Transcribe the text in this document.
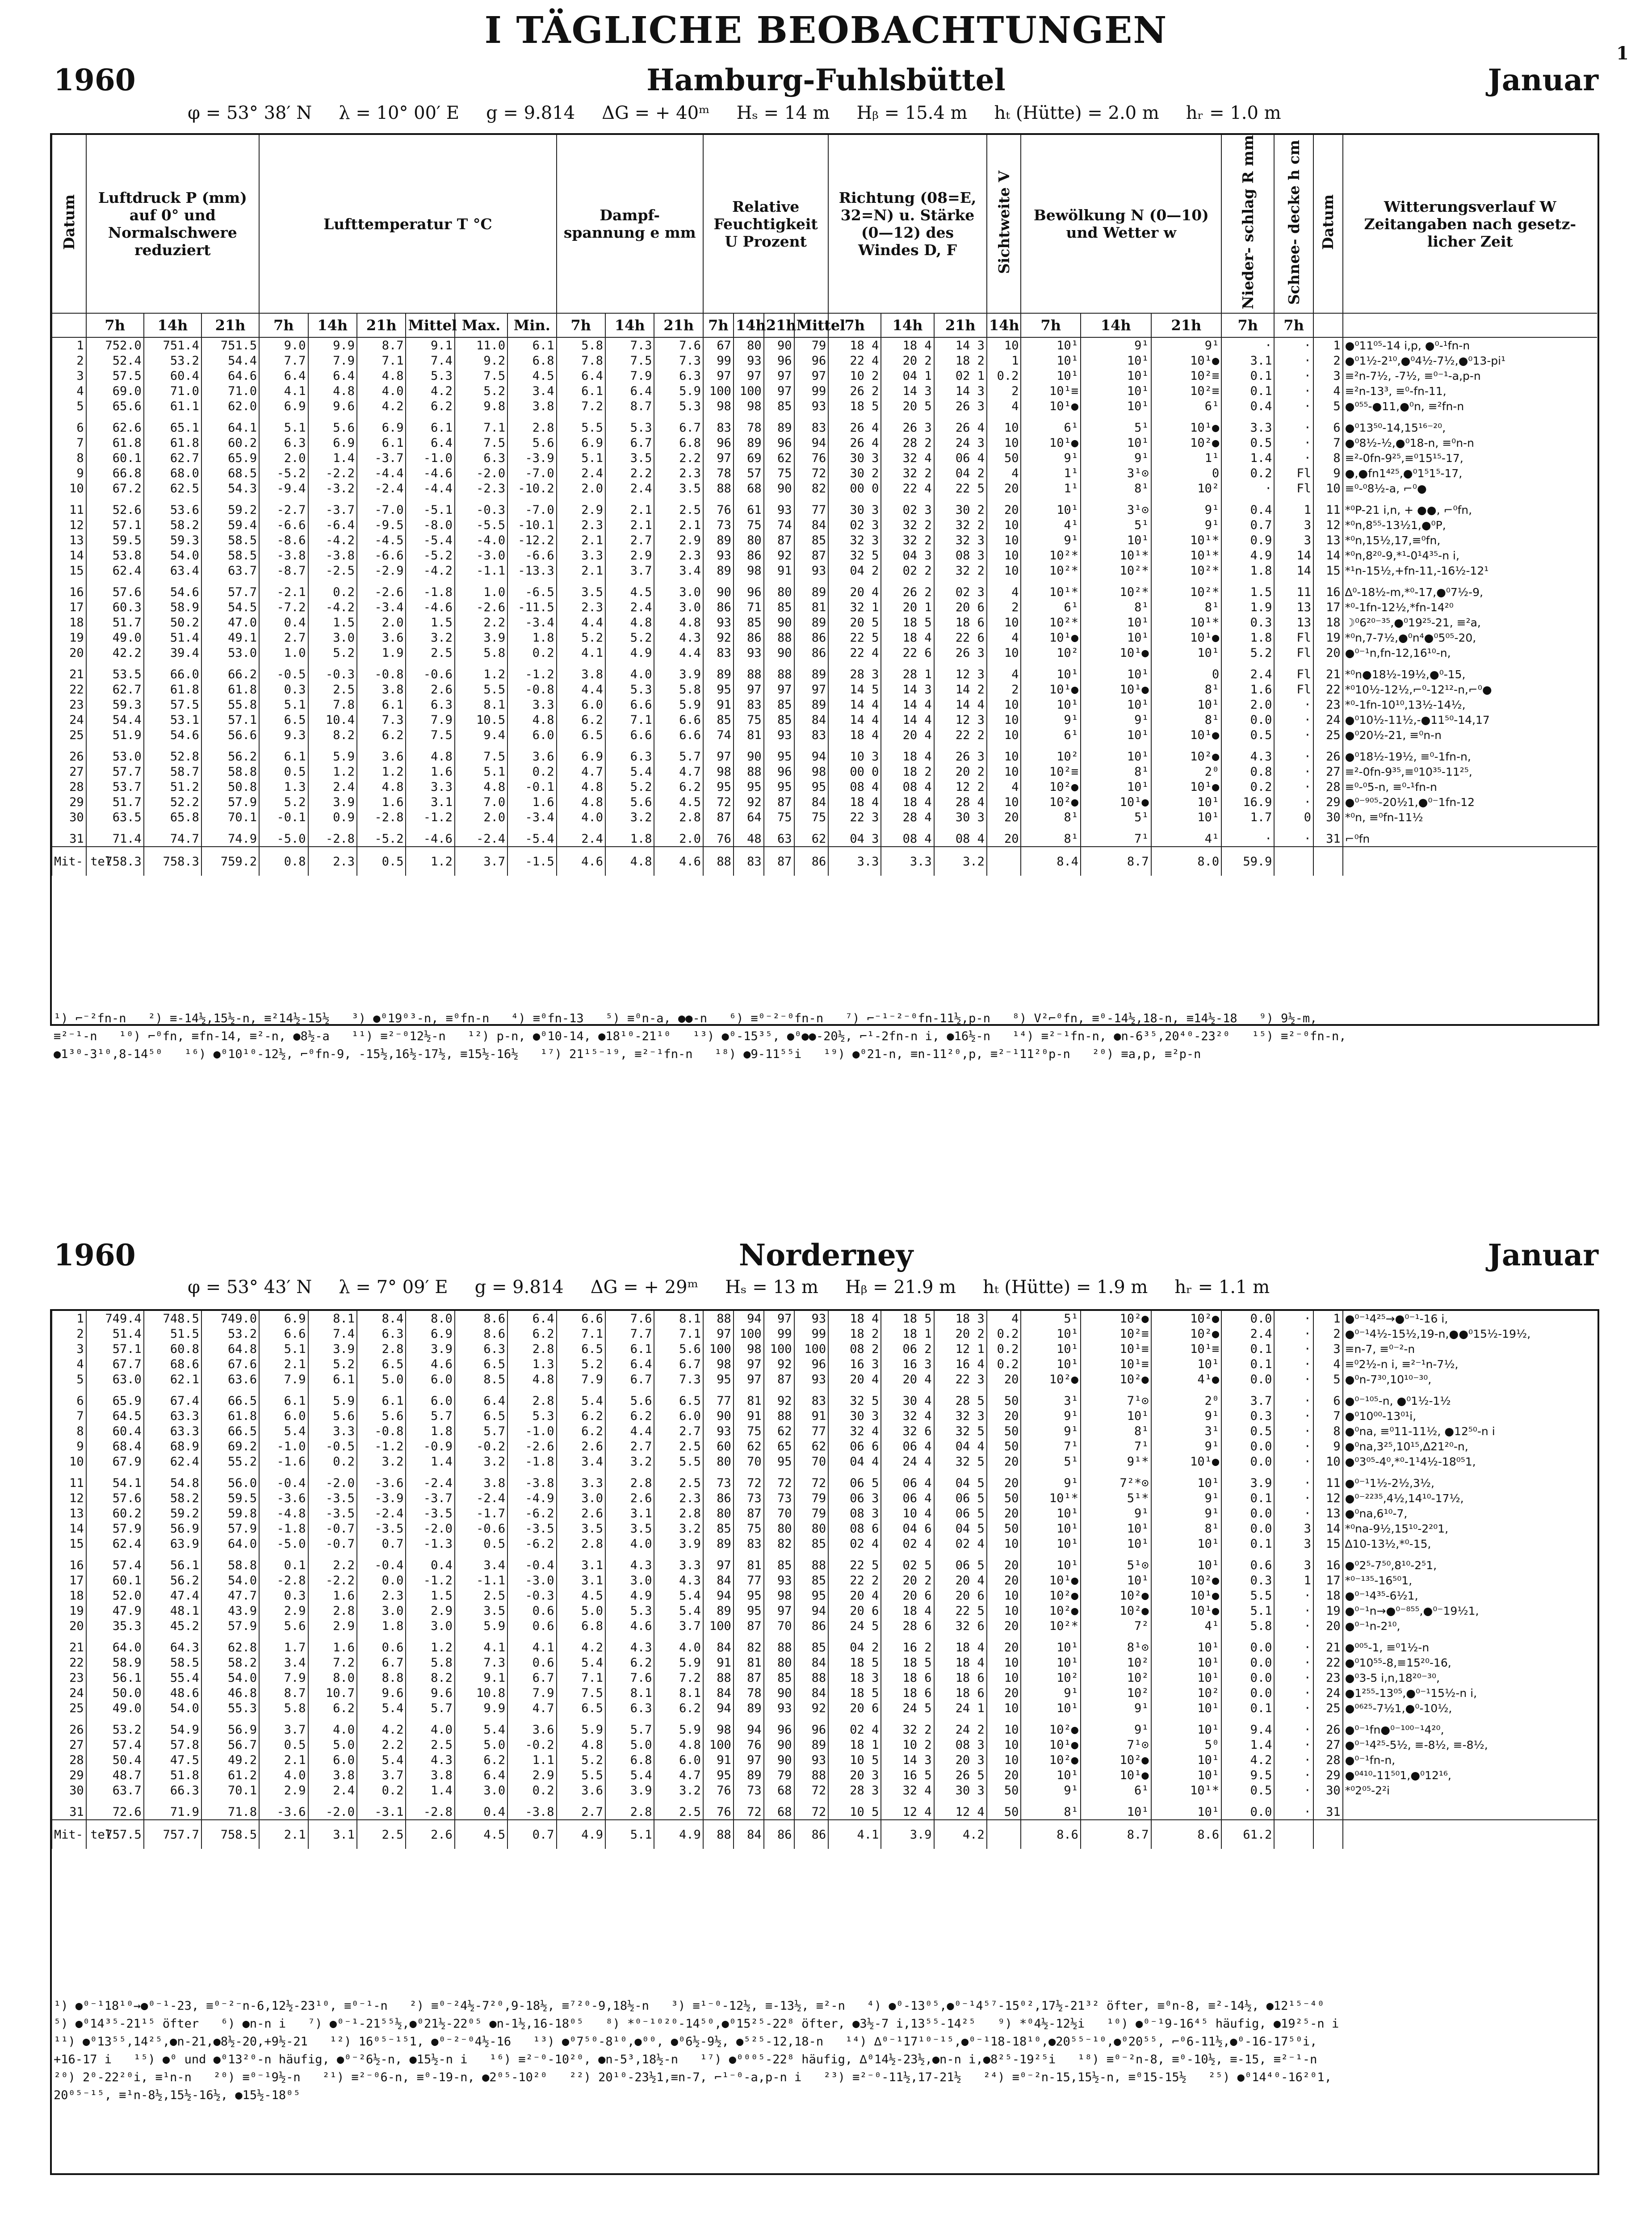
I TÄGLICHE BEOBACHTUNGEN
1
1960	Hamburg-Fuhlsbüttel	Januar
φ = 53° 38′ N λ = 10° 00′ E g = 9.814 ΔG = + 40ᵐ Hₛ = 14 m Hᵦ = 15.4 m hₜ (Hütte) = 2.0 m hᵣ = 1.0 m
Datum	Luftdruck P (mm) auf 0° und Normalschwere reduziert			Lufttemperatur T °C						Dampf- spannung e mm			Relative Feuchtigkeit U Prozent				Richtung (08=E, 32=N) u. Stärke (0—12) des Windes D, F			Sichtweite V	Bewölkung N (0—10) und Wetter w			Nieder- schlag R mm	Schnee- decke h cm	Datum	Witterungsverlauf W Zeitangaben nach gesetz- licher Zeit
	7h	14h	21h	7h	14h	21h	Mittel	Max.	Min.	7h	14h	21h	7h	14h	21h	Mittel	7h	14h	21h	14h	7h	14h	21h	7h	7h		
1	752.0	751.4	751.5	9.0	9.9	8.7	9.1	11.0	6.1	5.8	7.3	7.6	67	80	90	79	18 4	18 4	14 3	10	10¹	9¹	9¹	·	·	1	●⁰11⁰⁵-14 i,p, ●⁰-¹fn-n
2	52.4	53.2	54.4	7.7	7.9	7.1	7.4	9.2	6.8	7.8	7.5	7.3	99	93	96	96	22 4	20 2	18 2	1	10¹	10¹	10¹●	3.1	·	2	●⁰1½-2¹⁰,●⁰4½-7½,●⁰13-pi¹
3	57.5	60.4	64.6	6.4	6.4	4.8	5.3	7.5	4.5	6.4	7.9	6.3	97	97	97	97	10 2	04 1	02 1	0.2	10¹	10¹	10²≡	0.1	·	3	≡²n-7½, -7½, ≡⁰⁻¹-a,p-n
4	69.0	71.0	71.0	4.1	4.8	4.0	4.2	5.2	3.4	6.1	6.4	5.9	100	100	97	99	26 2	14 3	14 3	2	10¹≡	10¹	10²≡	0.1	·	4	≡²n-13³, ≡⁰-fn-11,
5	65.6	61.1	62.0	6.9	9.6	4.2	6.2	9.8	3.8	7.2	8.7	5.3	98	98	85	93	18 5	20 5	26 3	4	10¹●	10¹	6¹	0.4	·	5	●⁰⁵⁵-●11,●⁰n, ≡²fn-n

6	62.6	65.1	64.1	5.1	5.6	6.9	6.1	7.1	2.8	5.5	5.3	6.7	83	78	89	83	26 4	26 3	26 4	10	6¹	5¹	10¹●	3.3	·	6	●⁰13⁵⁰-14,15¹⁶⁻²⁰,
7	61.8	61.8	60.2	6.3	6.9	6.1	6.4	7.5	5.6	6.9	6.7	6.8	96	89	96	94	26 4	28 2	24 3	10	10¹●	10¹	10²●	0.5	·	7	●⁰8½-½,●⁰18-n, ≡⁰n-n
8	60.1	62.7	65.9	2.0	1.4	-3.7	-1.0	6.3	-3.9	5.1	3.5	2.2	97	69	62	76	30 3	32 4	06 4	50	9¹	9¹	1¹	1.4	·	8	≡²-0fn-9²⁵,≡⁰15¹⁵-17,
9	66.8	68.0	68.5	-5.2	-2.2	-4.4	-4.6	-2.0	-7.0	2.4	2.2	2.3	78	57	75	72	30 2	32 2	04 2	4	1¹	3¹⊙	0	0.2	Fl	9	●,●fn1⁴²⁵,●⁰1⁵1⁵-17,
10	67.2	62.5	54.3	-9.4	-3.2	-2.4	-4.4	-2.3	-10.2	2.0	2.4	3.5	88	68	90	82	00 0	22 4	22 5	20	1¹	8¹	10²	·	Fl	10	≡⁰-⁰8½-a, ⌐⁰●

11	52.6	53.6	59.2	-2.7	-3.7	-7.0	-5.1	-0.3	-7.0	2.9	2.1	2.5	76	61	93	77	30 3	02 3	30 2	20	10¹	3¹⊙	9¹	0.4	1	11	*⁰P-21 i,n, + ●●, ⌐⁰fn,
12	57.1	58.2	59.4	-6.6	-6.4	-9.5	-8.0	-5.5	-10.1	2.3	2.1	2.1	73	75	74	84	02 3	32 2	32 2	10	4¹	5¹	9¹	0.7	3	12	*⁰n,8⁵⁵-13½1,●⁰P,
13	59.5	59.3	58.5	-8.6	-4.2	-4.5	-5.4	-4.0	-12.2	2.1	2.7	2.9	89	80	87	85	32 3	32 2	32 3	10	9¹	10¹	10¹*	0.9	3	13	*⁰n,15½,17,≡⁰fn,
14	53.8	54.0	58.5	-3.8	-3.8	-6.6	-5.2	-3.0	-6.6	3.3	2.9	2.3	93	86	92	87	32 5	04 3	08 3	10	10²*	10¹*	10¹*	4.9	14	14	*⁰n,8²⁰-9,*¹-0¹4³⁵-n i,
15	62.4	63.4	63.7	-8.7	-2.5	-2.9	-4.2	-1.1	-13.3	2.1	3.7	3.4	89	98	91	93	04 2	02 2	32 2	10	10²*	10²*	10²*	1.8	14	15	*¹n-15½,+fn-11,-16½-12¹

16	57.6	54.6	57.7	-2.1	0.2	-2.6	-1.8	1.0	-6.5	3.5	4.5	3.0	90	96	80	89	20 4	26 2	02 3	4	10¹*	10²*	10²*	1.5	11	16	∆⁰-18½-m,*⁰-17,●⁰7½-9,
17	60.3	58.9	54.5	-7.2	-4.2	-3.4	-4.6	-2.6	-11.5	2.3	2.4	3.0	86	71	85	81	32 1	20 1	20 6	2	6¹	8¹	8¹	1.9	13	17	*⁰-1fn-12½,*fn-14²⁰
18	51.7	50.2	47.0	0.4	1.5	2.0	1.5	2.2	-3.4	4.4	4.8	4.8	93	85	90	89	20 5	18 5	18 6	10	10²*	10¹	10¹*	0.3	13	18	☽⁰6²⁰⁻³⁵,●⁰19²⁵-21, ≡²a,
19	49.0	51.4	49.1	2.7	3.0	3.6	3.2	3.9	1.8	5.2	5.2	4.3	92	86	88	86	22 5	18 4	22 6	4	10¹●	10¹	10¹●	1.8	Fl	19	*⁰n,7-7½,●⁰n⁴●⁰5⁰⁵-20,
20	42.2	39.4	53.0	1.0	5.2	1.9	2.5	5.8	0.2	4.1	4.9	4.4	83	93	90	86	22 4	22 6	26 3	10	10²	10¹●	10¹	5.2	Fl	20	●⁰⁻¹n,fn-12,16¹⁰-n,

21	53.5	66.0	66.2	-0.5	-0.3	-0.8	-0.6	1.2	-1.2	3.8	4.0	3.9	89	88	88	89	28 3	28 1	12 3	4	10¹	10¹	0	2.4	Fl	21	*⁰n●18½-19½,●⁰-15,
22	62.7	61.8	61.8	0.3	2.5	3.8	2.6	5.5	-0.8	4.4	5.3	5.8	95	97	97	97	14 5	14 3	14 2	2	10¹●	10¹●	8¹	1.6	Fl	22	*⁰10½-12½,⌐⁰-12¹²-n,⌐⁰●
23	59.3	57.5	55.8	5.1	7.8	6.1	6.3	8.1	3.3	6.0	6.6	5.9	91	83	85	89	14 4	14 4	14 4	10	10¹	10¹	10¹	2.0	·	23	*⁰-1fn-10¹⁰,13½-14½,
24	54.4	53.1	57.1	6.5	10.4	7.3	7.9	10.5	4.8	6.2	7.1	6.6	85	75	85	84	14 4	14 4	12 3	10	9¹	9¹	8¹	0.0	·	24	●⁰10½-11½,-●11⁵⁰-14,17
25	51.9	54.6	56.6	9.3	8.2	6.2	7.5	9.4	6.0	6.5	6.6	6.6	74	81	93	83	18 4	20 4	22 2	10	6¹	10¹	10¹●	0.5	·	25	●⁰20½-21, ≡⁰n-n

26	53.0	52.8	56.2	6.1	5.9	3.6	4.8	7.5	3.6	6.9	6.3	5.7	97	90	95	94	10 3	18 4	26 3	10	10²	10¹	10²●	4.3	·	26	●⁰18½-19½, ≡⁰-1fn-n,
27	57.7	58.7	58.8	0.5	1.2	1.2	1.6	5.1	0.2	4.7	5.4	4.7	98	88	96	98	00 0	18 2	20 2	10	10²≡	8¹	2⁰	0.8	·	27	≡²-0fn-9³⁵,≡⁰10³⁵-11²⁵,
28	53.7	51.2	50.8	1.3	2.4	4.8	3.3	4.8	-0.1	4.8	5.2	6.2	95	95	95	95	08 4	08 4	12 2	4	10²●	10¹	10¹●	0.2	·	28	≡⁰-⁰5-n, ≡⁰-¹fn-n
29	51.7	52.2	57.9	5.2	3.9	1.6	3.1	7.0	1.6	4.8	5.6	4.5	72	92	87	84	18 4	18 4	28 4	10	10²●	10¹●	10¹	16.9	·	29	●⁰⁻⁹⁰⁵-20½1,●⁰⁻1fn-12
30	63.5	65.8	70.1	-0.1	0.9	-2.8	-1.2	2.0	-3.4	4.0	3.2	2.8	87	64	75	75	22 3	28 4	30 3	20	8¹	5¹	10¹	1.7	0	30	*⁰n, ≡⁰fn-11½

31	71.4	74.7	74.9	-5.0	-2.8	-5.2	-4.6	-2.4	-5.4	2.4	1.8	2.0	76	48	63	62	04 3	08 4	08 4	20	8¹	7¹	4¹	·	·	31	⌐⁰fn
Mit- tel	758.3	758.3	759.2	0.8	2.3	0.5	1.2	3.7	-1.5	4.6	4.8	4.6	88	83	87	86	3.3	3.3	3.2		8.4	8.7	8.0	59.9			
¹) ⌐⁻²fn-n   ²) ≡-14½,15½-n, ≡²14½-15½   ³) ●⁰19⁰³-n, ≡⁰fn-n   ⁴) ≡⁰fn-13   ⁵) ≡⁰n-a, ●●-n   ⁶) ≡⁰⁻²⁻⁰fn-n   ⁷) ⌐⁻¹⁻²⁻⁰fn-11½,p-n   ⁸) V²⌐⁰fn, ≡⁰-14½,18-n, ≡14½-18   ⁹) 9½-m,
≡²⁻¹-n   ¹⁰) ⌐⁰fn, ≡fn-14, ≡²-n, ●8½-a   ¹¹) ≡²⁻⁰12½-n   ¹²) p-n, ●⁰10-14, ●18¹⁰-21¹⁰   ¹³) ●⁰-15³⁵, ●⁰●●-20½, ⌐¹-2fn-n i, ●16½-n   ¹⁴) ≡²⁻¹fn-n, ●n-6³⁵,20⁴⁰-23²⁰   ¹⁵) ≡²⁻⁰fn-n,
●1³⁰-3¹⁰,8-14⁵⁰   ¹⁶) ●⁰10¹⁰-12½, ⌐⁰fn-9, -15½,16½-17½, ≡15½-16½   ¹⁷) 21¹⁵⁻¹⁹, ≡²⁻¹fn-n   ¹⁸) ●9-11⁵⁵i   ¹⁹) ●⁰21-n, ≡n-11²⁰,p, ≡²⁻¹11²⁰p-n   ²⁰) ≡a,p, ≡²p-n
1960	Norderney	Januar
φ = 53° 43′ N λ = 7° 09′ E g = 9.814 ΔG = + 29ᵐ Hₛ = 13 m Hᵦ = 21.9 m hₜ (Hütte) = 1.9 m hᵣ = 1.1 m
1	749.4	748.5	749.0	6.9	8.1	8.4	8.0	8.6	6.4	6.6	7.6	8.1	88	94	97	93	18 4	18 5	18 3	4	5¹	10²●	10²●	0.0	·	1	●⁰⁻¹4²⁵→●⁰⁻¹-16 i,
2	51.4	51.5	53.2	6.6	7.4	6.3	6.9	8.6	6.2	7.1	7.7	7.1	97	100	99	99	18 2	18 1	20 2	0.2	10¹	10²≡	10²●	2.4	·	2	●⁰⁻¹4½-15½,19-n,●●⁰15½-19½,
3	57.1	60.8	64.8	5.1	3.9	2.8	3.9	6.3	2.8	6.5	6.1	5.6	100	98	100	100	08 2	06 2	12 1	0.2	10¹	10¹≡	10¹≡	0.1	·	3	≡n-7, ≡⁰⁻²-n
4	67.7	68.6	67.6	2.1	5.2	6.5	4.6	6.5	1.3	5.2	6.4	6.7	98	97	92	96	16 3	16 3	16 4	0.2	10¹	10¹≡	10¹	0.1	·	4	≡⁰2½-n i, ≡²⁻¹n-7½,
5	63.0	62.1	63.6	7.9	6.1	5.0	6.0	8.5	4.8	7.9	6.7	7.3	95	97	87	93	20 4	20 4	22 3	20	10²●	10²●	4¹●	0.0	·	5	●⁰n-7³⁰,10¹⁰⁻³⁰,

6	65.9	67.4	66.5	6.1	5.9	6.1	6.0	6.4	2.8	5.4	5.6	6.5	77	81	92	83	32 5	30 4	28 5	50	3¹	7¹⊙	2⁰	3.7	·	6	●⁰⁻¹⁰⁵-n, ●⁰1½-1½
7	64.5	63.3	61.8	6.0	5.6	5.6	5.7	6.5	5.3	6.2	6.2	6.0	90	91	88	91	30 3	32 4	32 3	20	9¹	10¹	9¹	0.3	·	7	●⁰10⁰⁰-13⁰¹i,
8	60.4	63.3	66.5	5.4	3.3	-0.8	1.8	5.7	-1.0	6.2	4.4	2.7	93	75	62	77	32 4	32 6	32 5	50	9¹	8¹	3¹	0.5	·	8	●⁰na, ≡⁰11-11½, ●12⁵⁰-n i
9	68.4	68.9	69.2	-1.0	-0.5	-1.2	-0.9	-0.2	-2.6	2.6	2.7	2.5	60	62	65	62	06 6	06 4	04 4	50	7¹	7¹	9¹	0.0	·	9	●⁰na,3²⁵,10¹⁵,∆21²⁰-n,
10	67.9	62.4	55.2	-1.6	0.2	3.2	1.4	3.2	-1.8	3.4	3.2	5.5	80	70	95	70	04 4	24 4	32 5	20	5¹	9¹*	10¹●	0.0	·	10	●⁰3⁰⁵-4⁰,*⁰-1¹4½-18⁰⁵1,

11	54.1	54.8	56.0	-0.4	-2.0	-3.6	-2.4	3.8	-3.8	3.3	2.8	2.5	73	72	72	72	06 5	06 4	04 5	20	9¹	7²*⊙	10¹	3.9	·	11	●⁰⁻¹1½-2½,3½,
12	57.6	58.2	59.5	-3.6	-3.5	-3.9	-3.7	-2.4	-4.9	3.0	2.6	2.3	86	73	73	79	06 3	06 4	06 5	50	10¹*	5¹*	9¹	0.1	·	12	●⁰⁻²²³⁵,4½,14¹⁰-17½,
13	60.2	59.2	59.8	-4.8	-3.5	-2.4	-3.5	-1.7	-6.2	2.6	3.1	2.8	80	87	70	79	08 3	10 4	06 5	20	10¹	9¹	9¹	0.0	·	13	●⁰na,6¹⁰-7,
14	57.9	56.9	57.9	-1.8	-0.7	-3.5	-2.0	-0.6	-3.5	3.5	3.5	3.2	85	75	80	80	08 6	04 6	04 5	50	10¹	10¹	8¹	0.0	3	14	*⁰na-9½,15¹⁰-2²⁰1,
15	62.4	63.9	64.0	-5.0	-0.7	0.7	-1.3	0.5	-6.2	2.8	4.0	3.9	89	83	82	85	02 4	02 4	02 4	10	10¹	10¹	10¹	0.1	3	15	∆10-13½,*⁰-15,

16	57.4	56.1	58.8	0.1	2.2	-0.4	0.4	3.4	-0.4	3.1	4.3	3.3	97	81	85	88	22 5	02 5	06 5	20	10¹	5¹⊙	10¹	0.6	3	16	●⁰2⁵-7⁵⁰,8¹⁰-2⁵1,
17	60.1	56.2	54.0	-2.8	-2.2	0.0	-1.2	-1.1	-3.0	3.1	3.0	4.3	84	77	93	85	22 2	20 2	20 4	20	10¹●	10¹	10²●	0.3	1	17	*⁰⁻¹³⁵-16⁵⁰1,
18	52.0	47.4	47.7	0.3	1.6	2.3	1.5	2.5	-0.3	4.5	4.9	5.4	94	95	98	95	20 4	20 6	20 6	10	10²●	10²●	10¹●	5.5	·	18	●⁰⁻¹4³⁵-6½1,
19	47.9	48.1	43.9	2.9	2.8	3.0	2.9	3.5	0.6	5.0	5.3	5.4	89	95	97	94	20 6	18 4	22 5	10	10²●	10²●	10¹●	5.1	·	19	●⁰⁻¹n→●⁰⁻⁸⁵⁵,●⁰⁻19½1,
20	35.3	45.2	57.9	5.6	2.9	1.8	3.0	5.9	0.6	6.8	4.6	3.7	100	87	70	86	24 5	28 6	32 6	20	10²*	7²	4¹	5.8	·	20	●⁰⁻¹n-2¹⁰,

21	64.0	64.3	62.8	1.7	1.6	0.6	1.2	4.1	4.1	4.2	4.3	4.0	84	82	88	85	04 2	16 2	18 4	20	10¹	8¹⊙	10¹	0.0	·	21	●⁰⁰⁵-1, ≡⁰1½-n
22	58.9	58.5	58.2	3.4	7.2	6.7	5.8	7.3	0.6	5.4	6.2	5.9	91	81	80	84	18 5	18 5	18 4	10	10¹	10²	10¹	0.0	·	22	●⁰10⁵⁵-8,≡15²⁰-16,
23	56.1	55.4	54.0	7.9	8.0	8.8	8.2	9.1	6.7	7.1	7.6	7.2	88	87	85	88	18 3	18 6	18 6	10	10²	10²	10¹	0.0	·	23	●⁰3-5 i,n,18²⁰⁻³⁰,
24	50.0	48.6	46.8	8.7	10.7	9.6	9.6	10.8	7.9	7.5	8.1	8.1	84	78	90	84	18 5	18 6	18 6	20	9¹	10²	10²	0.0	·	24	●1²⁵⁵-13⁰⁵,●⁰⁻¹15½-n i,
25	49.0	54.0	55.3	5.8	6.2	5.4	5.7	9.9	4.7	6.5	6.3	6.2	94	89	93	92	20 6	24 5	24 1	10	10¹	9¹	10¹	0.1	·	25	●⁰⁶²⁵-7½1,●⁰-10½,

26	53.2	54.9	56.9	3.7	4.0	4.2	4.0	5.4	3.6	5.9	5.7	5.9	98	94	96	96	02 4	32 2	24 2	10	10²●	9¹	10¹	9.4	·	26	●⁰⁻¹fn●⁰⁻¹⁰⁰⁻¹4²⁰,
27	57.4	57.8	56.7	0.5	5.0	2.2	2.5	5.0	-0.2	4.8	5.0	4.8	100	76	90	89	18 1	10 2	08 3	10	10¹●	7¹⊙	5⁰	1.4	·	27	●⁰⁻¹4²⁵-5½, ≡-8½, ≡-8½,
28	50.4	47.5	49.2	2.1	6.0	5.4	4.3	6.2	1.1	5.2	6.8	6.0	91	97	90	93	10 5	14 3	20 3	10	10²●	10²●	10¹	4.2	·	28	●⁰⁻¹fn-n,
29	48.7	51.8	61.2	4.0	3.8	3.7	3.8	6.4	2.9	5.5	5.4	4.7	95	89	79	88	20 3	16 5	26 5	20	10¹	10¹●	10¹	9.5	·	29	●⁰⁴¹⁰-11⁵⁰1,●⁰12¹⁶,
30	63.7	66.3	70.1	2.9	2.4	0.2	1.4	3.0	0.2	3.6	3.9	3.2	76	73	68	72	28 3	32 4	30 3	50	9¹	6¹	10¹*	0.5	·	30	*⁰2⁰⁵-2²i

31	72.6	71.9	71.8	-3.6	-2.0	-3.1	-2.8	0.4	-3.8	2.7	2.8	2.5	76	72	68	72	10 5	12 4	12 4	50	8¹	10¹	10¹	0.0	·	31	
Mit- tel	757.5	757.7	758.5	2.1	3.1	2.5	2.6	4.5	0.7	4.9	5.1	4.9	88	84	86	86	4.1	3.9	4.2		8.6	8.7	8.6	61.2			
¹) ●⁰⁻¹18¹⁰→●⁰⁻¹-23, ≡⁰⁻²⁻n-6,12½-23¹⁰, ≡⁰⁻¹-n   ²) ≡⁰⁻²4½-7²⁰,9-18½, ≡⁷²⁰-9,18½-n   ³) ≡¹⁻⁰-12½, ≡-13½, ≡²-n   ⁴) ●⁰-13⁰⁵,●⁰⁻¹4⁵⁷-15⁰²,17½-21³² öfter, ≡⁰n-8, ≡²-14½, ●12¹⁵⁻⁴⁰
⁵) ●⁰14³⁵-21¹⁵ öfter   ⁶) ●n-n i   ⁷) ●⁰⁻¹-21⁵⁵½,●⁰21½-22⁰⁵ ●n-1½,16-18⁰⁵   ⁸) *⁰⁻¹⁰²⁰-14⁵⁰,●⁰15²⁵-22⁸ öfter, ●3½-7 i,13⁵⁵-14²⁵   ⁹) *⁰4½-12½i   ¹⁰) ●⁰⁻¹9-16⁴⁵ häufig, ●19²⁵-n i
¹¹) ●⁰13⁵⁵,14²⁵,●n-21,●8½-20,+9½-21   ¹²) 16⁰⁵⁻¹⁵1, ●⁰⁻²⁻⁰4½-16   ¹³) ●⁰7⁵⁰-8¹⁰,●⁰⁰, ●⁰6½-9½, ●⁵²⁵-12,18-n   ¹⁴) ∆⁰⁻¹17¹⁰⁻¹⁵,●⁰⁻¹18-18¹⁰,●20⁵⁵⁻¹⁰,●⁰20⁵⁵, ⌐⁰6-11½,●⁰-16-17⁵⁰i,
+16-17 i   ¹⁵) ●⁰ und ●⁰13²⁰-n häufig, ●⁰⁻²6½-n, ●15½-n i   ¹⁶) ≡²⁻⁰-10²⁰, ●n-5³,18½-n   ¹⁷) ●⁰⁰⁰⁵-22⁸ häufig, ∆⁰14½-23½,●n-n i,●8²⁵-19²⁵i   ¹⁸) ≡⁰⁻²n-8, ≡⁰-10½, ≡-15, ≡²⁻¹-n
²⁰) 2⁰-22²⁰i, ≡¹n-n   ²⁰) ≡⁰⁻¹9½-n   ²¹) ≡²⁻⁰6-n, ≡⁰-19-n, ●2⁰⁵-10²⁰   ²²) 20¹⁰-23½1,≡n-7, ⌐¹⁻⁰-a,p-n i   ²³) ≡²⁻⁰-11½,17-21½   ²⁴) ≡⁰⁻²n-15,15½-n, ≡⁰15-15½   ²⁵) ●⁰14⁴⁰-16²⁰1,
20⁰⁵⁻¹⁵, ≡¹n-8½,15½-16½, ●15½-18⁰⁵
